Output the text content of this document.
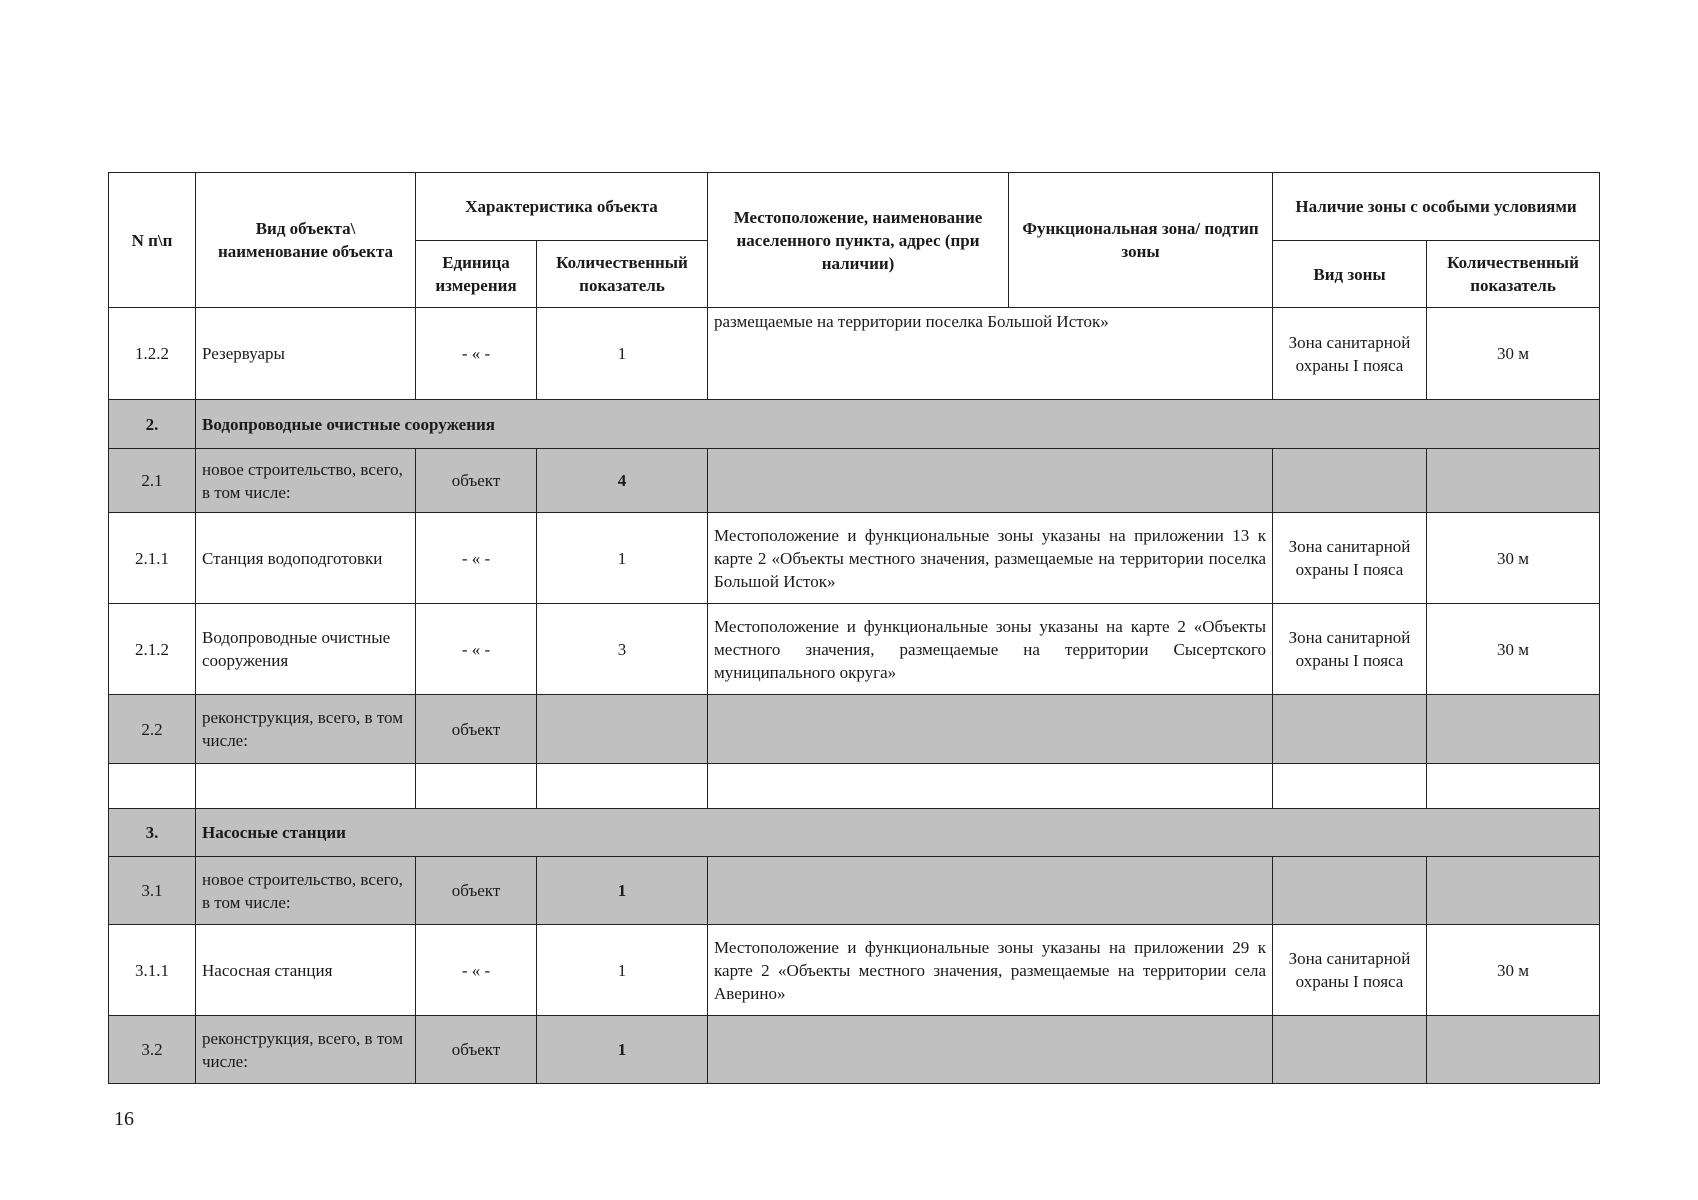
N п\п	Вид объекта\ наименование объекта	Характеристика объекта		Местоположение, наименование населенного пункта, адрес (при наличии)	Функциональная зона/ подтип зоны	Наличие зоны с особыми условиями	
		Единица измерения	Количественный показатель			Вид зоны	Количественный показатель
1.2.2	Резервуары	- « -	1	размещаемые на территории поселка Большой Исток»		Зона санитарной охраны I пояса	30 м
2.	Водопроводные очистные сооружения						
2.1	новое строительство, всего, в том числе:	объект	4				
2.1.1	Станция водоподготовки	- « -	1	Местоположение и функциональные зоны указаны на приложении 13 к карте 2 «Объекты местного значения, размещаемые на территории поселка Большой Исток»		Зона санитарной охраны I пояса	30 м
2.1.2	Водопроводные очистные сооружения	- « -	3	Местоположение и функциональные зоны указаны на карте 2 «Объекты местного значения, размещаемые на территории Сысертского муниципального округа»		Зона санитарной охраны I пояса	30 м
2.2	реконструкция, всего, в том числе:	объект					

3.	Насосные станции						
3.1	новое строительство, всего, в том числе:	объект	1				
3.1.1	Насосная станция	- « -	1	Местоположение и функциональные зоны указаны на приложении 29 к карте 2 «Объекты местного значения, размещаемые на территории села Аверино»		Зона санитарной охраны I пояса	30 м
3.2	реконструкция, всего, в том числе:	объект	1				
16
